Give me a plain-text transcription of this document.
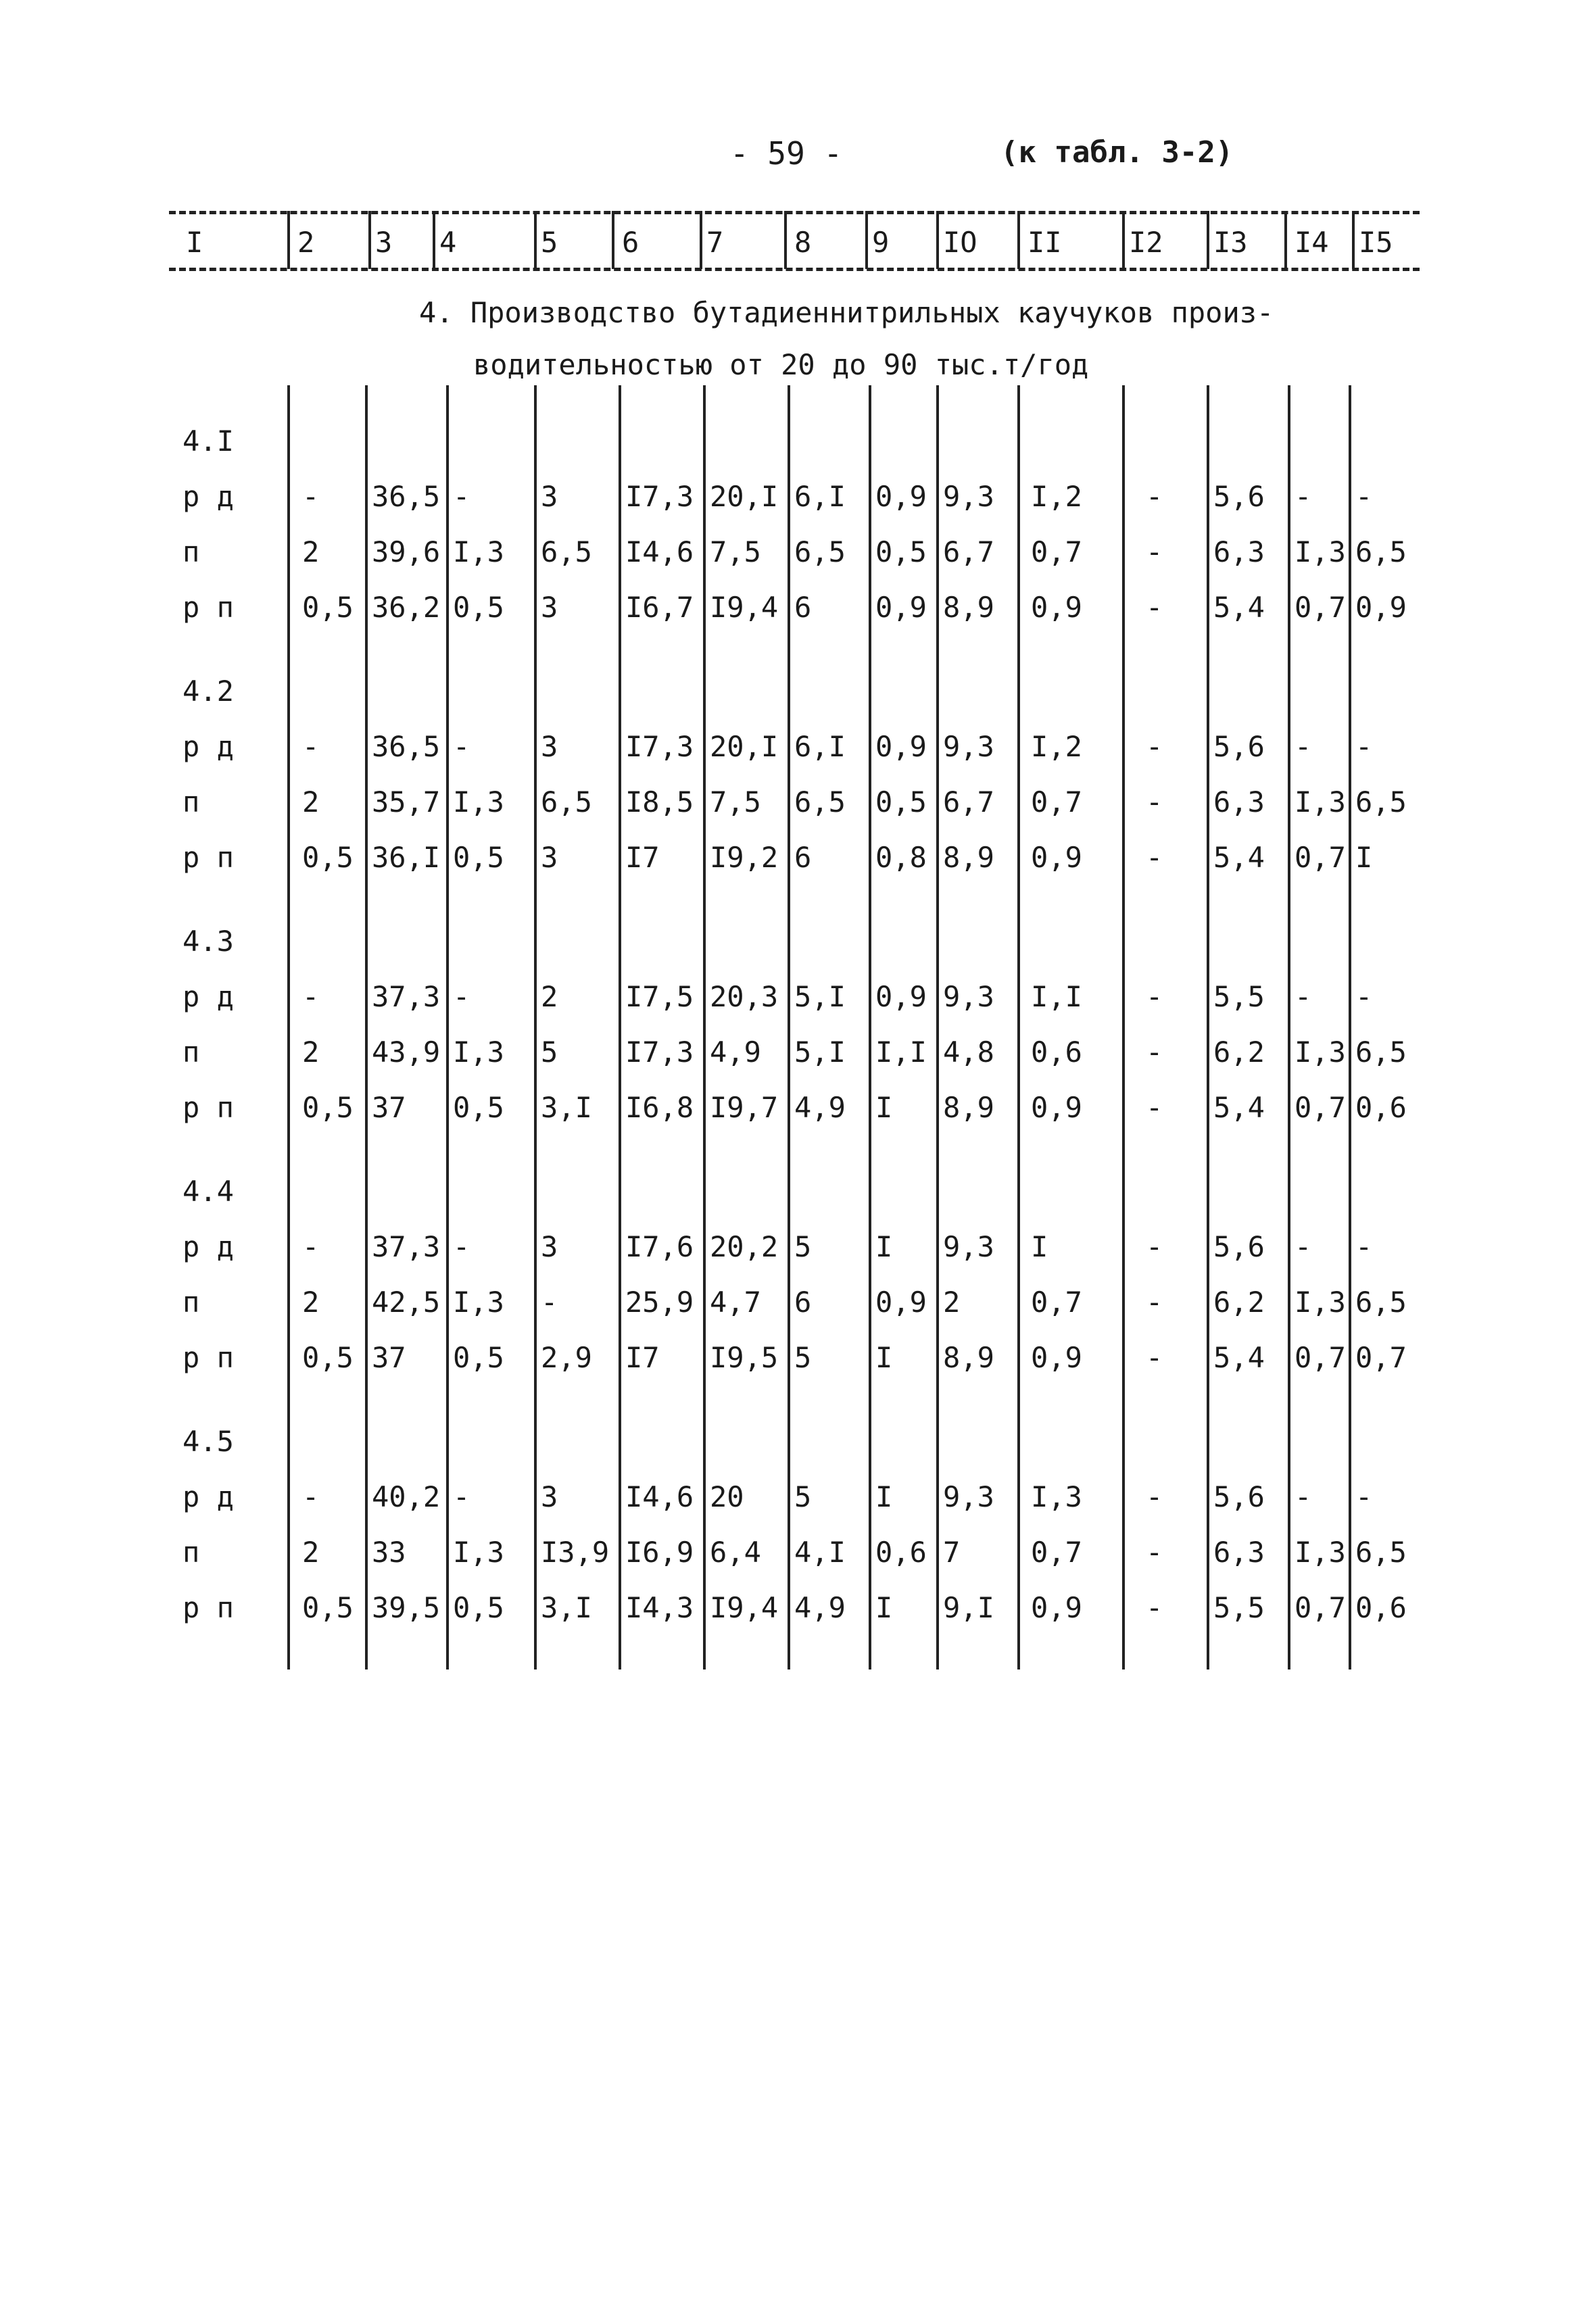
- 59 -	(к табл. 3-2)
I	2 3 4	5 6 7 8 9 IO II I2 I3 I4 I5
4. Производство бутадиеннитрильных каучуков произ-
водительностью от 20 до 90 тыс.т/год
4.I
р д - 36,5 - 3 I7,3 20,I 6,I 0,9 9,3 I,2 - 5,6 - -
п	2 39,6 I,3 6,5 I4,6 7,5 6,5 0,5 6,7 0,7 - 6,3 I,3 6,5
р п 0,5 36,2 0,5 3 I6,7 I9,4 6 0,9 8,9 0,9 - 5,4 0,7 0,9
4.2
р д - 36,5 - 3 I7,3 20,I 6,I 0,9 9,3 I,2 - 5,6 - -
п	2 35,7 I,3 6,5 I8,5 7,5 6,5 0,5 6,7 0,7 - 6,3 I,3 6,5
р п 0,5 36,I 0,5 3 I7 I9,2 6 0,8 8,9 0,9 - 5,4 0,7 I
4.3
р д - 37,3 - 2 I7,5 20,3 5,I 0,9 9,3 I,I - 5,5 - -
п	2 43,9 I,3 5 I7,3 4,9 5,I I,I 4,8 0,6 - 6,2 I,3 6,5
р п 0,5 37 0,5 3,I I6,8 I9,7 4,9 I 8,9 0,9 - 5,4 0,7 0,6
4.4
р д - 37,3 - 3 I7,6 20,2 5 I 9,3 I	- 5,6 - -
п	2 42,5 I,3 - 25,9 4,7 6 0,9 2 0,7 - 6,2 I,3 6,5
р п 0,5 37 0,5 2,9 I7 I9,5 5 I 8,9 0,9 - 5,4 0,7 0,7
4.5
р д - 40,2 - 3 I4,6 20 5 I 9,3 I,3 - 5,6 - -
п	2 33 I,3 I3,9 I6,9 6,4 4,I 0,6 7 0,7 - 6,3 I,3 6,5
р п 0,5 39,5 0,5 3,I I4,3 I9,4 4,9 I 9,I 0,9 - 5,5 0,7 0,6
